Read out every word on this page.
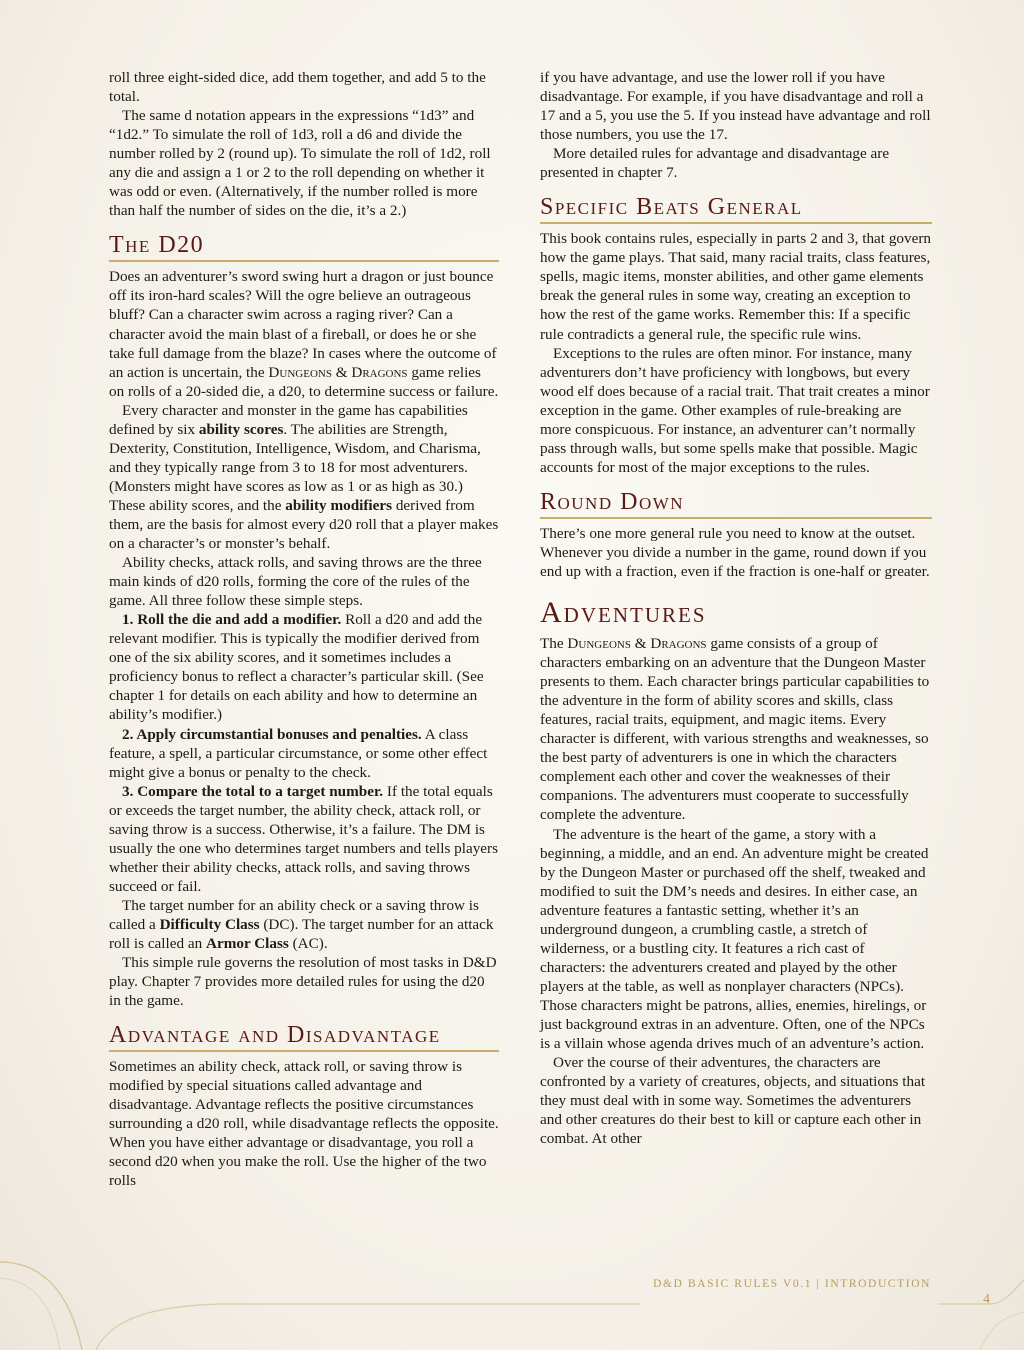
roll three eight-sided dice, add them together, and add 5 to the total.

The same d notation appears in the expressions “1d3” and “1d2.” To simulate the roll of 1d3, roll a d6 and divide the number rolled by 2 (round up). To simulate the roll of 1d2, roll any die and assign a 1 or 2 to the roll depending on whether it was odd or even. (Alternatively, if the number rolled is more than half the number of sides on the die, it’s a 2.)

The D20

Does an adventurer’s sword swing hurt a dragon or just bounce off its iron-hard scales? Will the ogre believe an outrageous bluff? Can a character swim across a raging river? Can a character avoid the main blast of a fireball, or does he or she take full damage from the blaze? In cases where the outcome of an action is uncertain, the Dungeons & Dragons game relies on rolls of a 20-sided die, a d20, to determine success or failure.

Every character and monster in the game has capabilities defined by six ability scores. The abilities are Strength, Dexterity, Constitution, Intelligence, Wisdom, and Charisma, and they typically range from 3 to 18 for most adventurers. (Monsters might have scores as low as 1 or as high as 30.) These ability scores, and the ability modifiers derived from them, are the basis for almost every d20 roll that a player makes on a character’s or monster’s behalf.

Ability checks, attack rolls, and saving throws are the three main kinds of d20 rolls, forming the core of the rules of the game. All three follow these simple steps.

1. Roll the die and add a modifier. Roll a d20 and add the relevant modifier. This is typically the modifier derived from one of the six ability scores, and it sometimes includes a proficiency bonus to reflect a character’s particular skill. (See chapter 1 for details on each ability and how to determine an ability’s modifier.)

2. Apply circumstantial bonuses and penalties. A class feature, a spell, a particular circumstance, or some other effect might give a bonus or penalty to the check.

3. Compare the total to a target number. If the total equals or exceeds the target number, the ability check, attack roll, or saving throw is a success. Otherwise, it’s a failure. The DM is usually the one who determines target numbers and tells players whether their ability checks, attack rolls, and saving throws succeed or fail.

The target number for an ability check or a saving throw is called a Difficulty Class (DC). The target number for an attack roll is called an Armor Class (AC).

This simple rule governs the resolution of most tasks in D&D play. Chapter 7 provides more detailed rules for using the d20 in the game.

Advantage and Disadvantage

Sometimes an ability check, attack roll, or saving throw is modified by special situations called advantage and disadvantage. Advantage reflects the positive circumstances surrounding a d20 roll, while disadvantage reflects the opposite. When you have either advantage or disadvantage, you roll a second d20 when you make the roll. Use the higher of the two rolls

if you have advantage, and use the lower roll if you have disadvantage. For example, if you have disadvantage and roll a 17 and a 5, you use the 5. If you instead have advantage and roll those numbers, you use the 17.

More detailed rules for advantage and disadvantage are presented in chapter 7.

Specific Beats General

This book contains rules, especially in parts 2 and 3, that govern how the game plays. That said, many racial traits, class features, spells, magic items, monster abilities, and other game elements break the general rules in some way, creating an exception to how the rest of the game works. Remember this: If a specific rule contradicts a general rule, the specific rule wins.

Exceptions to the rules are often minor. For instance, many adventurers don’t have proficiency with longbows, but every wood elf does because of a racial trait. That trait creates a minor exception in the game. Other examples of rule-breaking are more conspicuous. For instance, an adventurer can’t normally pass through walls, but some spells make that possible. Magic accounts for most of the major exceptions to the rules.

Round Down

There’s one more general rule you need to know at the outset. Whenever you divide a number in the game, round down if you end up with a fraction, even if the fraction is one-half or greater.

Adventures

The Dungeons & Dragons game consists of a group of characters embarking on an adventure that the Dungeon Master presents to them. Each character brings particular capabilities to the adventure in the form of ability scores and skills, class features, racial traits, equipment, and magic items. Every character is different, with various strengths and weaknesses, so the best party of adventurers is one in which the characters complement each other and cover the weaknesses of their companions. The adventurers must cooperate to successfully complete the adventure.

The adventure is the heart of the game, a story with a beginning, a middle, and an end. An adventure might be created by the Dungeon Master or purchased off the shelf, tweaked and modified to suit the DM’s needs and desires. In either case, an adventure features a fantastic setting, whether it’s an underground dungeon, a crumbling castle, a stretch of wilderness, or a bustling city. It features a rich cast of characters: the adventurers created and played by the other players at the table, as well as nonplayer characters (NPCs). Those characters might be patrons, allies, enemies, hirelings, or just background extras in an adventure. Often, one of the NPCs is a villain whose agenda drives much of an adventure’s action.

Over the course of their adventures, the characters are confronted by a variety of creatures, objects, and situations that they must deal with in some way. Sometimes the adventurers and other creatures do their best to kill or capture each other in combat. At other

D&D BASIC RULES V0.1 | INTRODUCTION
4
